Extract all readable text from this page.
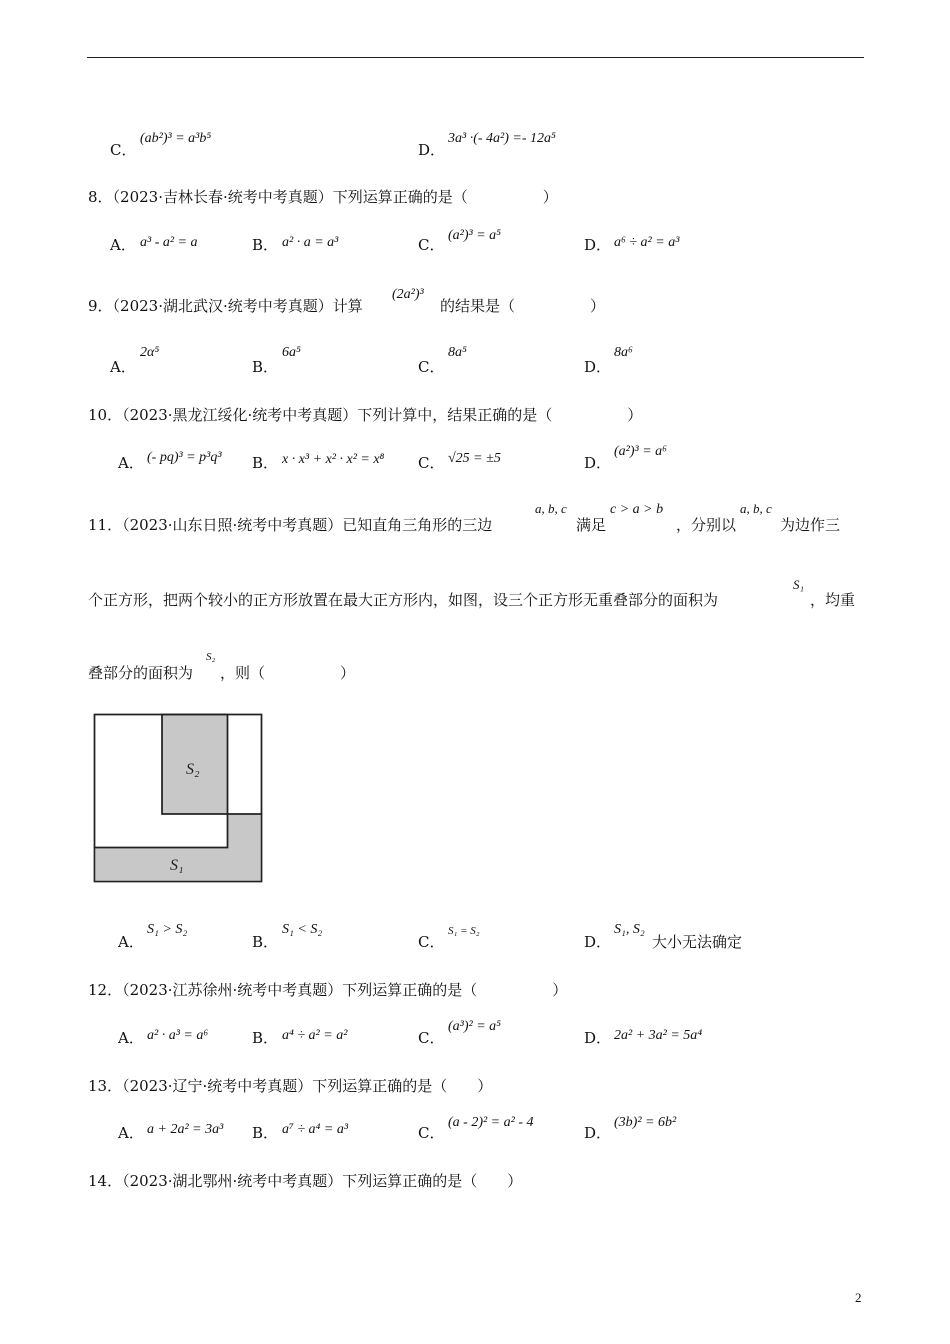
C．
(ab²)³ = a³b⁵
D．
3a³ ·(- 4a²) =- 12a⁵
8．（2023·吉林长春·统考中考真题）下列运算正确的是（　　　　　）
A． a³ - a² = a	B． a² · a = a³	C．
(a²)³ = a⁵
D． a⁶ ÷ a² = a³
9．（2023·湖北武汉·统考中考真题）计算
(2a²)³
的结果是（　　　　　）
A．
2α⁵
B．
6a⁵
C．
8a⁵
D．
8a⁶
10．（2023·黑龙江绥化·统考中考真题）下列计算中，结果正确的是（　　　　　）
A． (- pq)³ = p³q³ B． x · x³ + x² · x² = x⁸ C． √25 = ±5	D．
(a²)³ = a⁶
11．（2023·山东日照·统考中考真题）已知直角三角形的三边
a, b, c
满足
c > a > b
，分别以
a, b, c
为边作三
个正方形，把两个较小的正方形放置在最大正方形内，如图，设三个正方形无重叠部分的面积为
S₁
，均重
叠部分的面积为
S₂
，则（　　　　　）
S₂
S₁
A．
S₁ > S₂
B．
S₁ < S₂
C．
S₁ = S₂
D．
S₁, S₂
大小无法确定
12．（2023·江苏徐州·统考中考真题）下列运算正确的是（　　　　　）
A． a² · a³ = a⁶	B． a⁴ ÷ a² = a²	C．
(a³)² = a⁵
D． 2a² + 3a² = 5a⁴
13．（2023·辽宁·统考中考真题）下列运算正确的是（　　）
A． a + 2a² = 3a³ B． a⁷ ÷ a⁴ = a³	C．
(a - 2)² = a² - 4
D．
(3b)² = 6b²
14．（2023·湖北鄂州·统考中考真题）下列运算正确的是（　　）
2
